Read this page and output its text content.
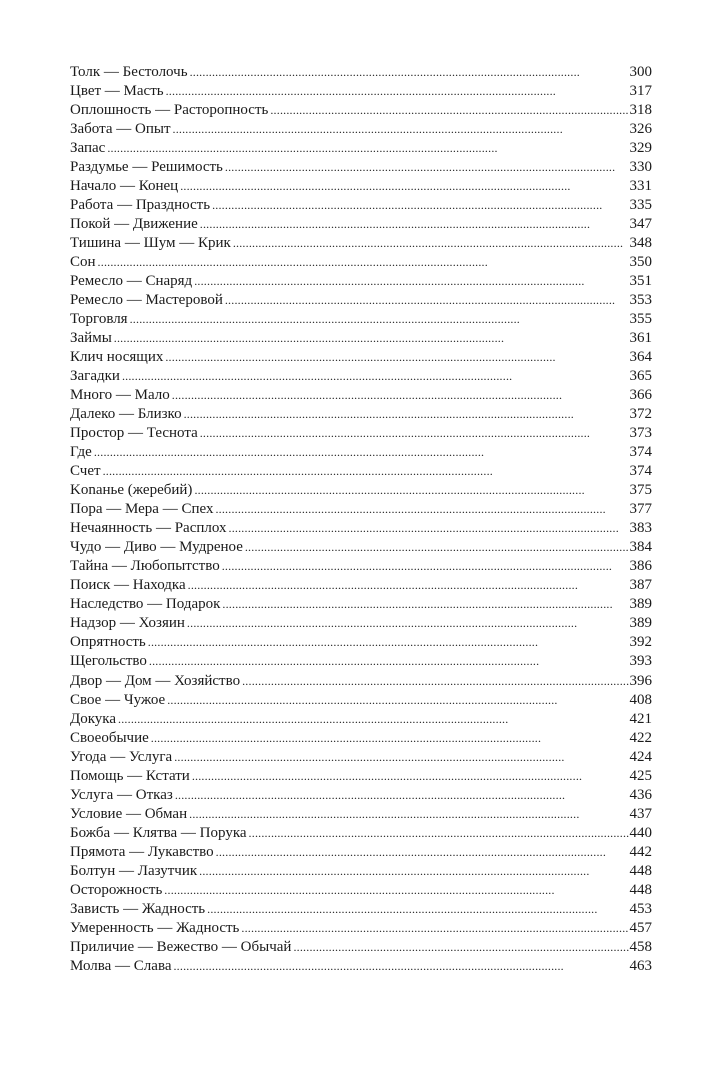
Толк — Бестолочь . . .	300
Цвет — Масть . . .	317
Оплошность — Расторопность . . .	318
Забота — Опыт . . .	326
Запас . . .	329
Раздумье — Решимость . . .	330
Начало — Конец . . .	331
Работа — Праздность . . .	335
Покой — Движение . . .	347
Тишина — Шум — Крик . . .	348
Сон . . .	350
Ремесло — Снаряд . . .	351
Ремесло — Мастеровой . . .	353
Торговля . . .	355
Займы . . .	361
Клич носящих . . .	364
Загадки . . .	365
Много — Мало . . .	366
Далеко — Близко . . .	372
Простор — Теснота . . .	373
Где . . .	374
Счет . . .	374
Konанье (жеребий) . . .	375
Пора — Мера — Спех . . .	377
Нечаянность — Расплох . . .	383
Чудо — Диво — Мудреное . . .	384
Тайна — Любопытство . . .	386
Поиск — Находка . . .	387
Наследство — Подарок . . .	389
Надзор — Хозяин . . .	389
Опрятность . . .	392
Щегольство . . .	393
Двор — Дом — Хозяйство . . .	396
Свое — Чужое . . .	408
Докука . . .	421
Своеобычие . . .	422
Угода — Услуга . . .	424
Помощь — Кстати . . .	425
Услуга — Отказ . . .	436
Условие — Обман . . .	437
Божба — Клятва — Порука . . .	440
Прямота — Лукавство . . .	442
Болтун — Лазутчик . . .	448
Осторожность . . .	448
Зависть — Жадность . . .	453
Умеренность — Жадность . . .	457
Приличие — Вежество — Обычай . . .	458
Молва — Слава . . .	463
